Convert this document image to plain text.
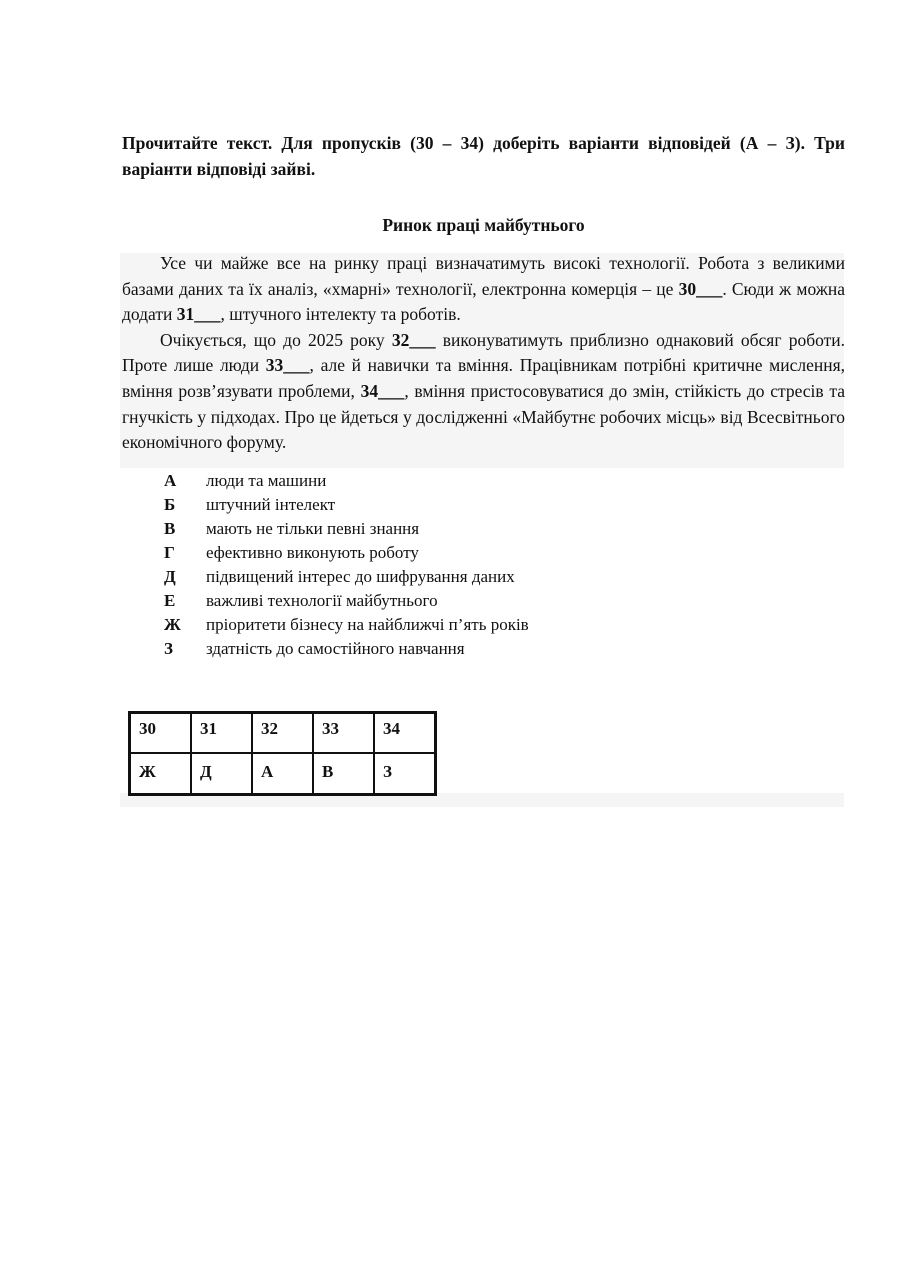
Прочитайте текст. Для пропусків (30 – 34) доберіть варіанти відповідей (А – З). Три варіанти відповіді зайві.
Ринок праці майбутнього

Усе чи майже все на ринку праці визначатимуть високі технології. Робота з великими базами даних та їх аналіз, «хмарні» технології, електронна комерція – це 30___. Сюди ж можна додати 31___, штучного інтелекту та роботів.

Очікується, що до 2025 року 32___ виконуватимуть приблизно однаковий обсяг роботи. Проте лише люди 33___, але й навички та вміння. Працівникам потрібні критичне мислення, вміння розв’язувати проблеми, 34___, вміння пристосовуватися до змін, стійкість до стресів та гнучкість у підходах. Про це йдеться у дослідженні «Майбутнє робочих місць» від Всесвітнього економічного форуму.

А	люди та машини
Б	штучний інтелект
В	мають не тільки певні знання
Г	ефективно виконують роботу
Д	підвищений інтерес до шифрування даних
Е	важливі технології майбутнього
Ж	пріоритети бізнесу на найближчі п’ять років
З	здатність до самостійного навчання
30	31	32	33	34
Ж	Д	А	В	З
